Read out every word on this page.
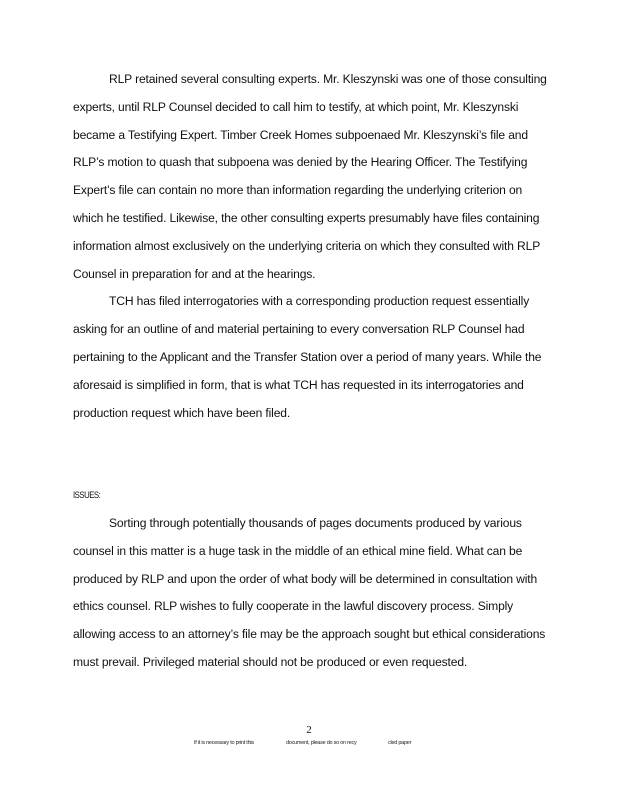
RLP retained several consulting experts. Mr. Kleszynski was one of those consulting experts, until RLP Counsel decided to call him to testify, at which point, Mr. Kleszynski became a Testifying Expert. Timber Creek Homes subpoenaed Mr. Kleszynski’s file and RLP’s motion to quash that subpoena was denied by the Hearing Officer. The Testifying Expert’s file can contain no more than information regarding the underlying criterion on which he testified. Likewise, the other consulting experts presumably have files containing information almost exclusively on the underlying criteria on which they consulted with RLP Counsel in preparation for and at the hearings.

TCH has filed interrogatories with a corresponding production request essentially asking for an outline of and material pertaining to every conversation RLP Counsel had pertaining to the Applicant and the Transfer Station over a period of many years. While the aforesaid is simplified in form, that is what TCH has requested in its interrogatories and production request which have been filed.

ISSUES:

Sorting through potentially thousands of pages documents produced by various counsel in this matter is a huge task in the middle of an ethical mine field. What can be produced by RLP and upon the order of what body will be determined in consultation with ethics counsel. RLP wishes to fully cooperate in the lawful discovery process. Simply allowing access to an attorney’s file may be the approach sought but ethical considerations must prevail. Privileged material should not be produced or even requested.

2
If it is necessary to print this	document, please do so on recy	cled paper
